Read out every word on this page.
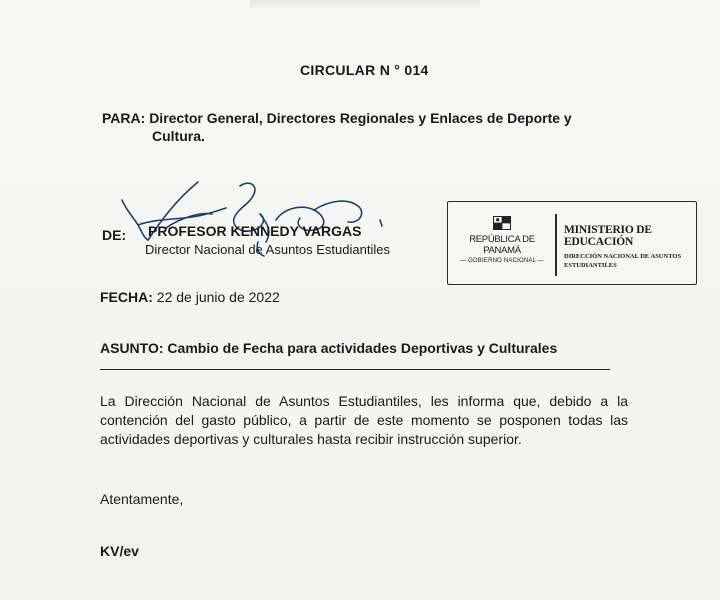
CIRCULAR N ° 014
PARA: Director General, Directores Regionales y Enlaces de Deporte y
Cultura.
DE: PROFESOR KENNEDY VARGAS
Director Nacional de Asuntos Estudiantiles
REPÚBLICA DE PANAMÁ
— GOBIERNO NACIONAL —
MINISTERIO DE EDUCACIÓN
DIRECCIÓN NACIONAL DE ASUNTOS
ESTUDIANTILES
FECHA: 22 de junio de 2022
ASUNTO: Cambio de Fecha para actividades Deportivas y Culturales
La Dirección Nacional de Asuntos Estudiantiles, les informa que, debido a la
contención del gasto público, a partir de este momento se posponen todas las
actividades deportivas y culturales hasta recibir instrucción superior.
Atentamente,
KV/ev
